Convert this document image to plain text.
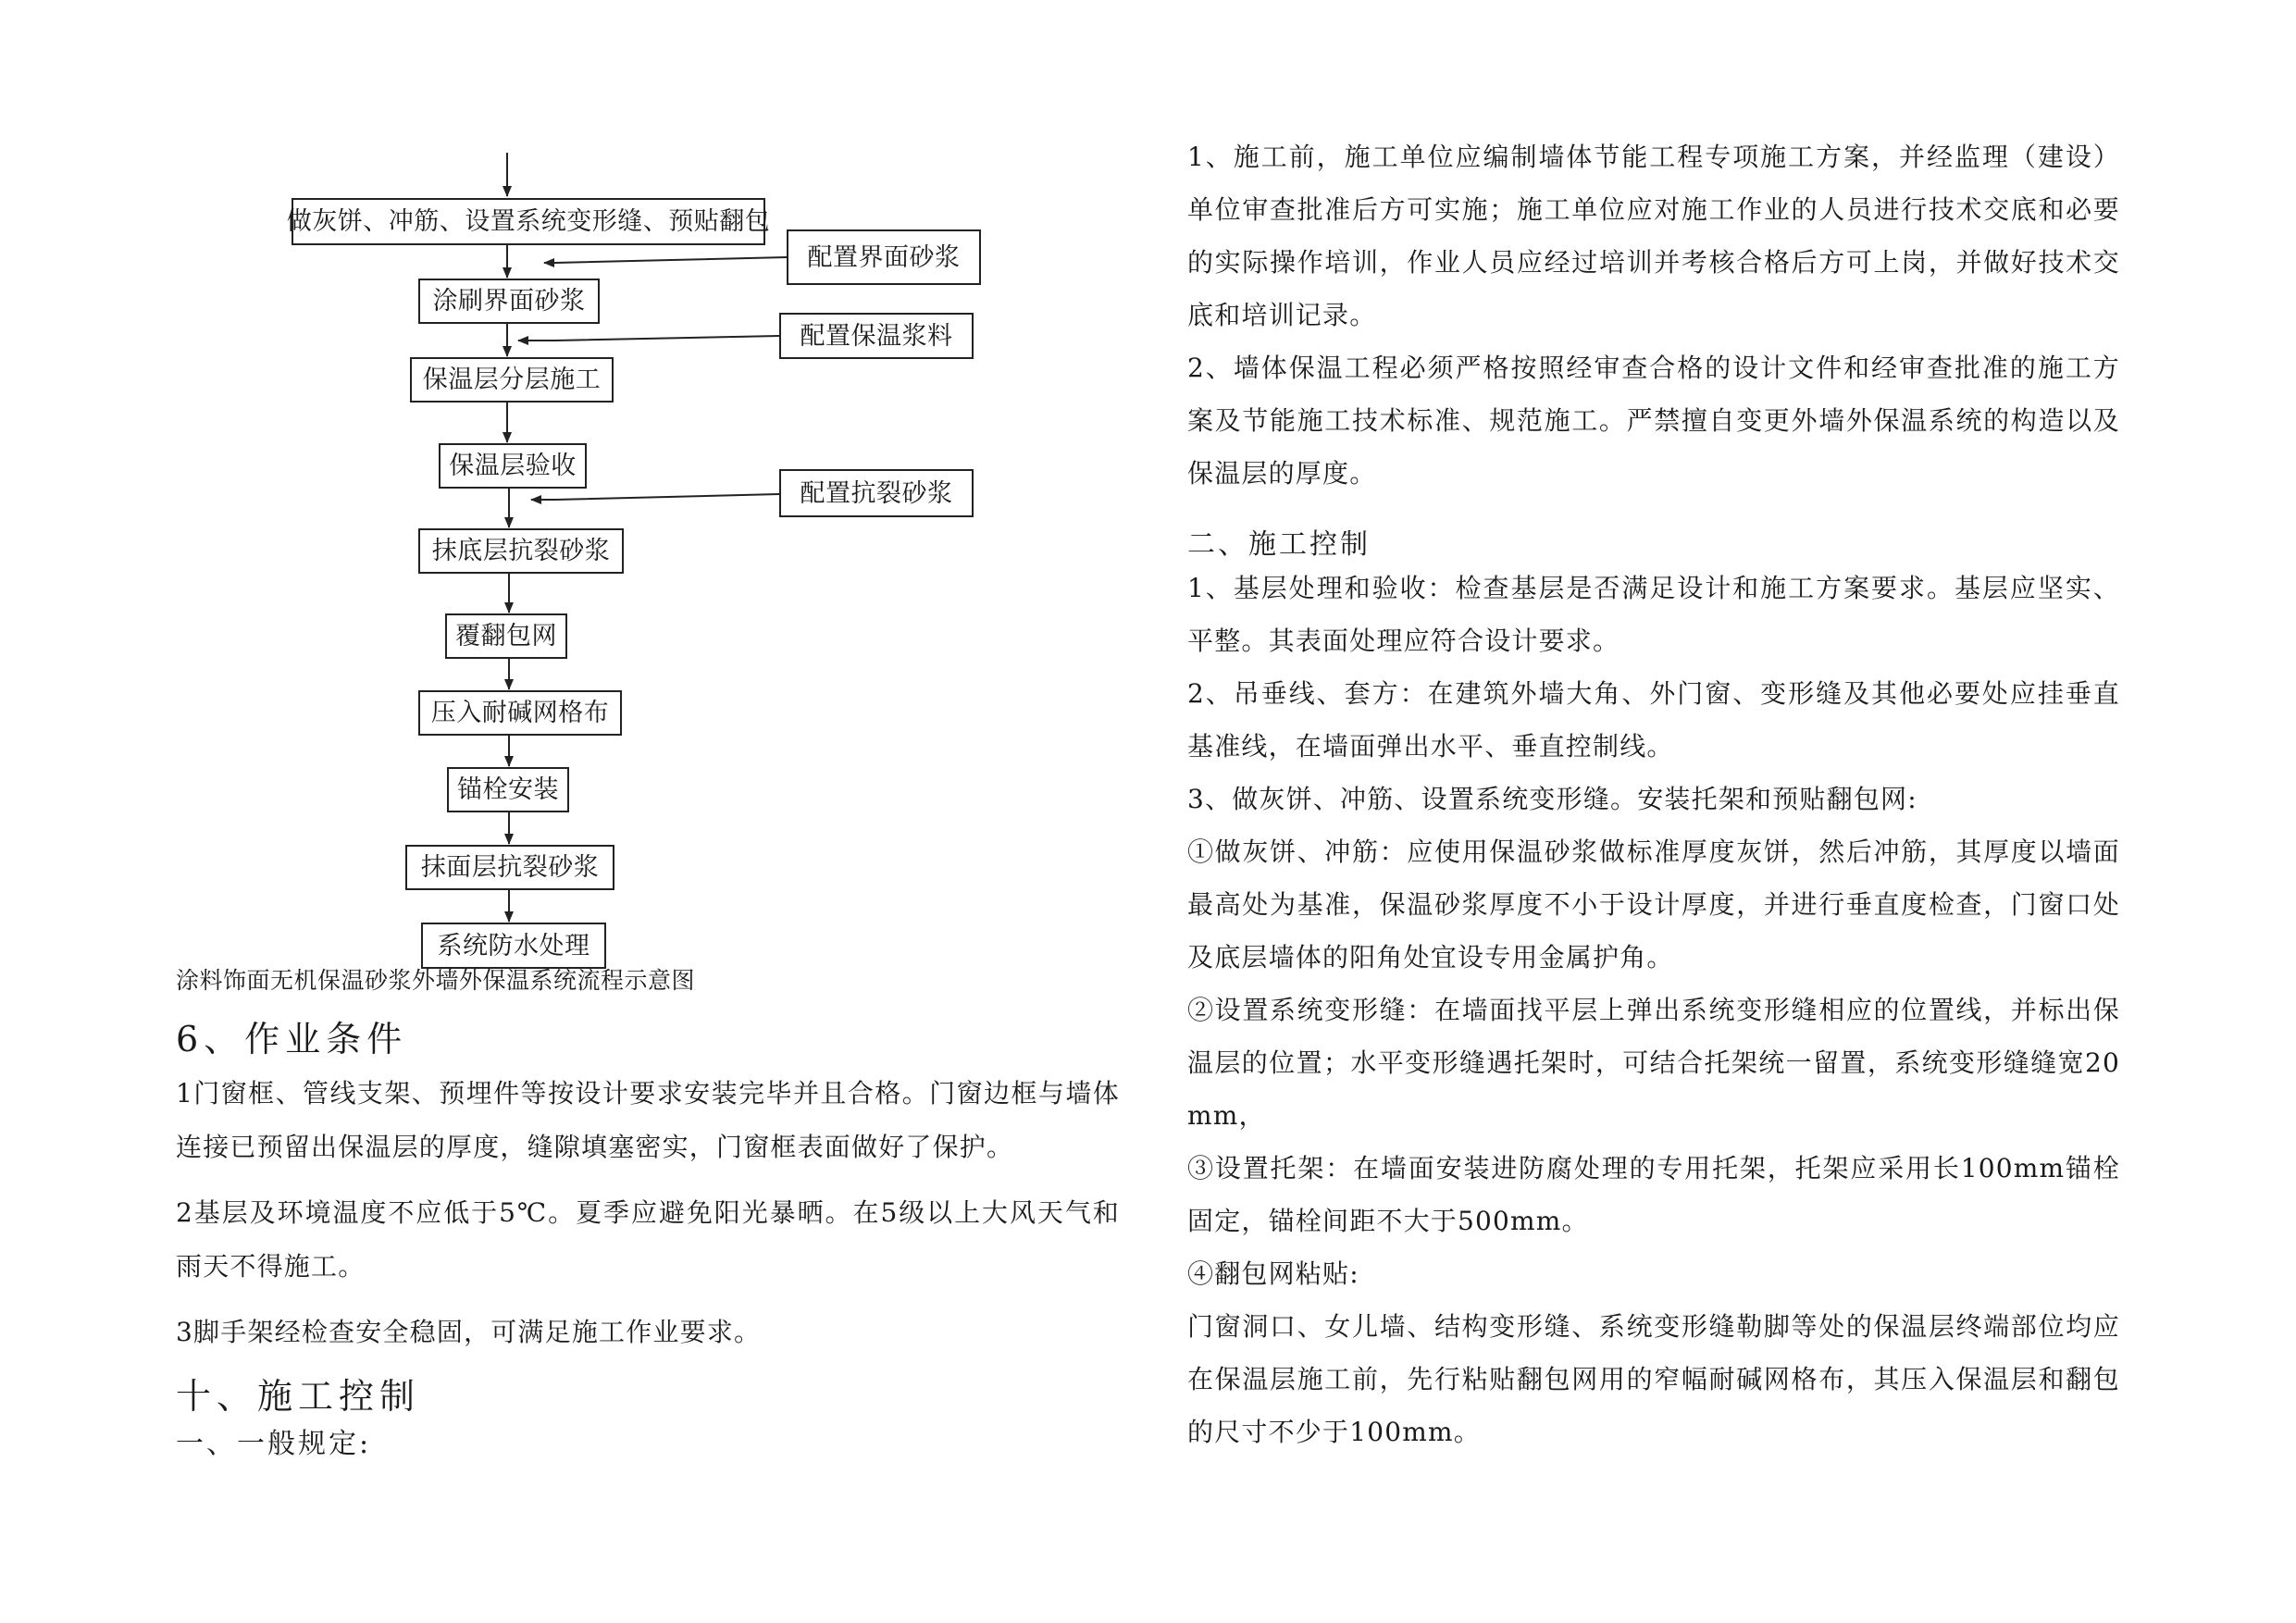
做灰饼、冲筋、设置系统变形缝、预贴翻包
涂刷界面砂浆
保温层分层施工
保温层验收
抹底层抗裂砂浆
覆翻包网
压入耐碱网格布
锚栓安装
抹面层抗裂砂浆
系统防水处理
配置界面砂浆
配置保温浆料
配置抗裂砂浆
涂料饰面无机保温砂浆外墙外保温系统流程示意图
6、作业条件
1门窗框、管线支架、预埋件等按设计要求安装完毕并且合格。门窗边框与墙体连接已预留出保温层的厚度，缝隙填塞密实，门窗框表面做好了保护。
2基层及环境温度不应低于5℃。夏季应避免阳光暴晒。在5级以上大风天气和雨天不得施工。
3脚手架经检查安全稳固，可满足施工作业要求。
十、施工控制
一、一般规定:
1、施工前，施工单位应编制墙体节能工程专项施工方案，并经监理（建设）单位审查批准后方可实施；施工单位应对施工作业的人员进行技术交底和必要的实际操作培训，作业人员应经过培训并考核合格后方可上岗，并做好技术交底和培训记录。
2、墙体保温工程必须严格按照经审查合格的设计文件和经审查批准的施工方案及节能施工技术标准、规范施工。严禁擅自变更外墙外保温系统的构造以及保温层的厚度。
二、施工控制
1、基层处理和验收：检查基层是否满足设计和施工方案要求。基层应坚实、平整。其表面处理应符合设计要求。
2、吊垂线、套方：在建筑外墙大角、外门窗、变形缝及其他必要处应挂垂直基准线，在墙面弹出水平、垂直控制线。
3、做灰饼、冲筋、设置系统变形缝。安装托架和预贴翻包网:
①做灰饼、冲筋：应使用保温砂浆做标准厚度灰饼，然后冲筋，其厚度以墙面最高处为基准，保温砂浆厚度不小于设计厚度，并进行垂直度检查，门窗口处及底层墙体的阳角处宜设专用金属护角。
②设置系统变形缝：在墙面找平层上弹出系统变形缝相应的位置线，并标出保温层的位置；水平变形缝遇托架时，可结合托架统一留置，系统变形缝缝宽20mm，
③设置托架：在墙面安装进防腐处理的专用托架，托架应采用长100mm锚栓固定，锚栓间距不大于500mm。
④翻包网粘贴:
门窗洞口、女儿墙、结构变形缝、系统变形缝勒脚等处的保温层终端部位均应在保温层施工前，先行粘贴翻包网用的窄幅耐碱网格布，其压入保温层和翻包的尺寸不少于100mm。
